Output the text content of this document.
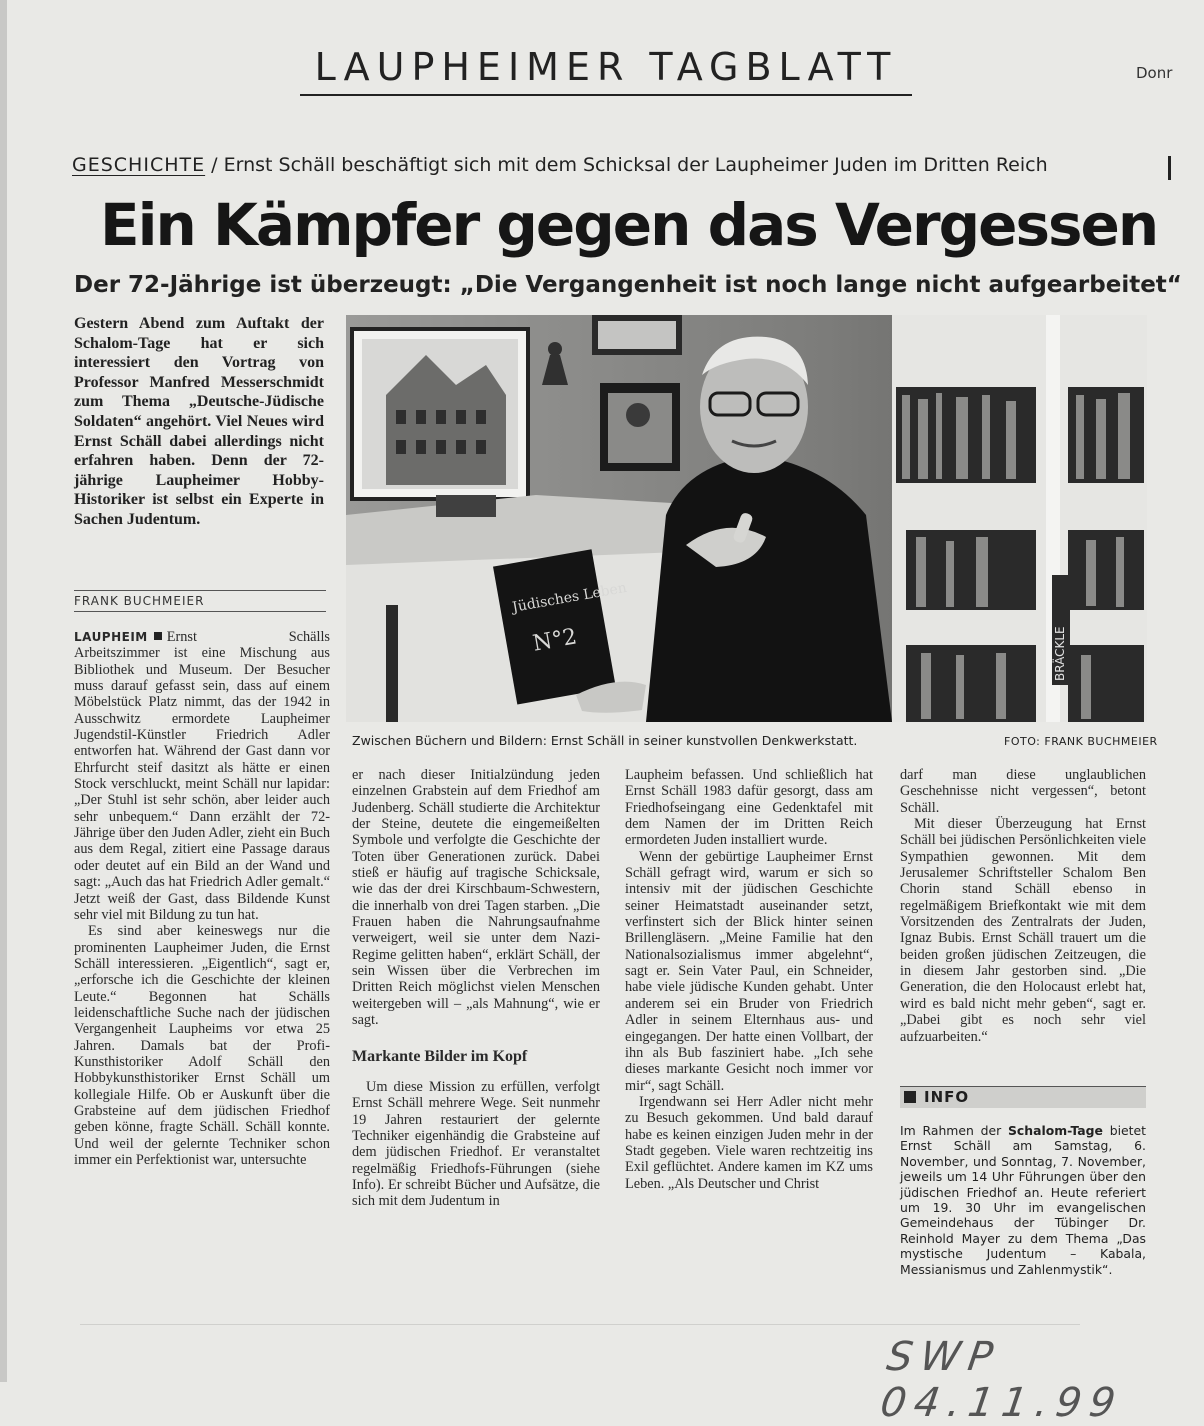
LAUPHEIMER TAGBLATT	Donr
GESCHICHTE / Ernst Schäll beschäftigt sich mit dem Schicksal der Laupheimer Juden im Dritten Reich
Ein Kämpfer gegen das Vergessen
Der 72-Jährige ist überzeugt: „Die Vergangenheit ist noch lange nicht aufgearbeitet“
Gestern Abend zum Auftakt der Schalom-Tage hat er sich interessiert den Vortrag von Professor Manfred Messerschmidt zum Thema „Deutsche-Jüdische Soldaten“ angehört. Viel Neues wird Ernst Schäll dabei allerdings nicht erfahren haben. Denn der 72-jährige Laupheimer Hobby-Historiker ist selbst ein Experte in Sachen Judentum.
FRANK BUCHMEIER
BRÄCKLE
Jüdisches Leben
N°2
Zwischen Büchern und Bildern: Ernst Schäll in seiner kunstvollen Denkwerkstatt.	FOTO: FRANK BUCHMEIER

LAUPHEIM Ernst Schälls Arbeitszimmer ist eine Mischung aus Bibliothek und Museum. Der Besucher muss darauf gefasst sein, dass auf einem Möbelstück Platz nimmt, das der 1942 in Ausschwitz ermordete Laupheimer Jugendstil-Künstler Friedrich Adler entworfen hat. Während der Gast dann vor Ehrfurcht steif dasitzt als hätte er einen Stock verschluckt, meint Schäll nur lapidar: „Der Stuhl ist sehr schön, aber leider auch sehr unbequem.“ Dann erzählt der 72-Jährige über den Juden Adler, zieht ein Buch aus dem Regal, zitiert eine Passage daraus oder deutet auf ein Bild an der Wand und sagt: „Auch das hat Friedrich Adler gemalt.“ Jetzt weiß der Gast, dass Bildende Kunst sehr viel mit Bildung zu tun hat.

Es sind aber keineswegs nur die prominenten Laupheimer Juden, die Ernst Schäll interessieren. „Eigentlich“, sagt er, „erforsche ich die Geschichte der kleinen Leute.“ Begonnen hat Schälls leidenschaftliche Suche nach der jüdischen Vergangenheit Laupheims vor etwa 25 Jahren. Damals bat der Profi-Kunsthistoriker Adolf Schäll den Hobbykunsthistoriker Ernst Schäll um kollegiale Hilfe. Ob er Auskunft über die Grabsteine auf dem jüdischen Friedhof geben könne, fragte Schäll. Schäll konnte. Und weil der gelernte Techniker schon immer ein Perfektionist war, untersuchte

er nach dieser Initialzündung jeden einzelnen Grabstein auf dem Friedhof am Judenberg. Schäll studierte die Architektur der Steine, deutete die eingemeißelten Symbole und verfolgte die Geschichte der Toten über Generationen zurück. Dabei stieß er häufig auf tragische Schicksale, wie das der drei Kirschbaum-Schwestern, die innerhalb von drei Tagen starben. „Die Frauen haben die Nahrungsaufnahme verweigert, weil sie unter dem Nazi-Regime gelitten haben“, erklärt Schäll, der sein Wissen über die Verbrechen im Dritten Reich möglichst vielen Menschen weitergeben will – „als Mahnung“, wie er sagt.

Markante Bilder im Kopf

Um diese Mission zu erfüllen, verfolgt Ernst Schäll mehrere Wege. Seit nunmehr 19 Jahren restauriert der gelernte Techniker eigenhändig die Grabsteine auf dem jüdischen Friedhof. Er veranstaltet regelmäßig Friedhofs-Führungen (siehe Info). Er schreibt Bücher und Aufsätze, die sich mit dem Judentum in

Laupheim befassen. Und schließlich hat Ernst Schäll 1983 dafür gesorgt, dass am Friedhofseingang eine Gedenktafel mit dem Namen der im Dritten Reich ermordeten Juden installiert wurde.

Wenn der gebürtige Laupheimer Ernst Schäll gefragt wird, warum er sich so intensiv mit der jüdischen Geschichte seiner Heimatstadt auseinander setzt, verfinstert sich der Blick hinter seinen Brillengläsern. „Meine Familie hat den Nationalsozialismus immer abgelehnt“, sagt er. Sein Vater Paul, ein Schneider, habe viele jüdische Kunden gehabt. Unter anderem sei ein Bruder von Friedrich Adler in seinem Elternhaus aus- und eingegangen. Der hatte einen Vollbart, der ihn als Bub fasziniert habe. „Ich sehe dieses markante Gesicht noch immer vor mir“, sagt Schäll.

Irgendwann sei Herr Adler nicht mehr zu Besuch gekommen. Und bald darauf habe es keinen einzigen Juden mehr in der Stadt gegeben. Viele waren rechtzeitig ins Exil geflüchtet. Andere kamen im KZ ums Leben. „Als Deutscher und Christ

darf man diese unglaublichen Geschehnisse nicht vergessen“, betont Schäll.

Mit dieser Überzeugung hat Ernst Schäll bei jüdischen Persönlichkeiten viele Sympathien gewonnen. Mit dem Jerusalemer Schriftsteller Schalom Ben Chorin stand Schäll ebenso in regelmäßigem Briefkontakt wie mit dem Vorsitzenden des Zentralrats der Juden, Ignaz Bubis. Ernst Schäll trauert um die beiden großen jüdischen Zeitzeugen, die in diesem Jahr gestorben sind. „Die Generation, die den Holocaust erlebt hat, wird es bald nicht mehr geben“, sagt er. „Dabei gibt es noch sehr viel aufzuarbeiten.“

INFO
Im Rahmen der Schalom-Tage bietet Ernst Schäll am Samstag, 6. November, und Sonntag, 7. November, jeweils um 14 Uhr Führungen über den jüdischen Friedhof an. Heute referiert um 19. 30 Uhr im evangelischen Gemeindehaus der Tübinger Dr. Reinhold Mayer zu dem Thema „Das mystische Judentum – Kabala, Messianismus und Zahlenmystik“.
SWP 04.11.99
